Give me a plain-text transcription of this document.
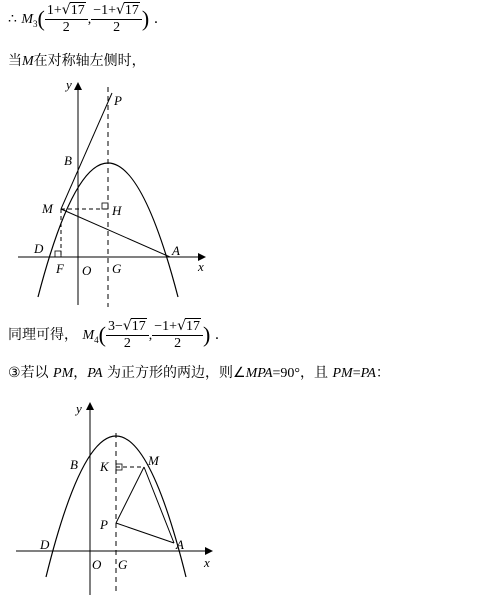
∴ $M_3( \frac{1+√17}{2}$ , $\frac{-1+√17}{2}$ ) .
当M在对称轴左侧时，
y
P
B
M	H
D
F O G
A
x
同理可得， $M_4( \frac{3-√17}{2}$ , $\frac{-1+√17}{2}$ ) .
③若以 PM，PA 为正方形的两边，则∠MPA=90°，且 PM=PA：
y
B K	M
P
D
O G
A
x
